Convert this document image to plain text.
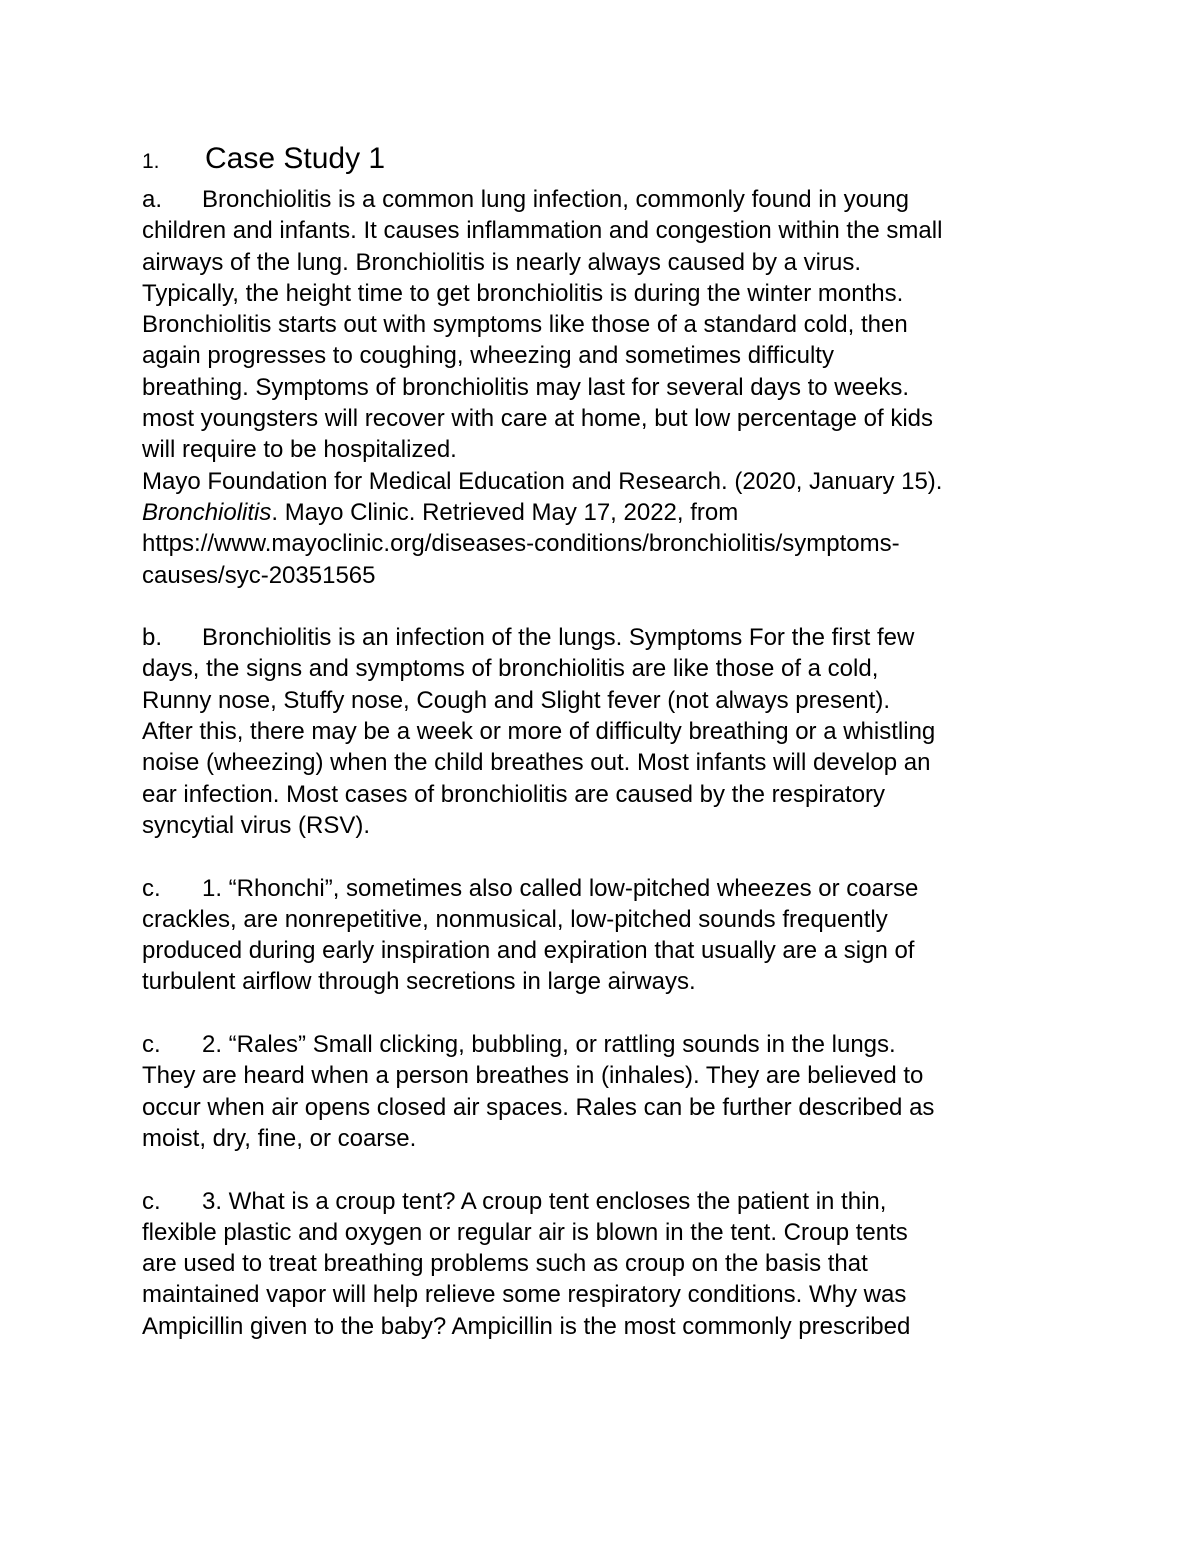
1.	Case Study 1
a. Bronchiolitis is a common lung infection, commonly found in young
children and infants. It causes inflammation and congestion within the small
airways of the lung. Bronchiolitis is nearly always caused by a virus.
Typically, the height time to get bronchiolitis is during the winter months.
Bronchiolitis starts out with symptoms like those of a standard cold, then
again progresses to coughing, wheezing and sometimes difficulty
breathing. Symptoms of bronchiolitis may last for several days to weeks.
most youngsters will recover with care at home, but low percentage of kids
will require to be hospitalized.
Mayo Foundation for Medical Education and Research. (2020, January 15).
Bronchiolitis. Mayo Clinic. Retrieved May 17, 2022, from
https://www.mayoclinic.org/diseases-conditions/bronchiolitis/symptoms-
causes/syc-20351565
b. Bronchiolitis is an infection of the lungs. Symptoms For the first few
days, the signs and symptoms of bronchiolitis are like those of a cold,
Runny nose, Stuffy nose, Cough and Slight fever (not always present).
After this, there may be a week or more of difficulty breathing or a whistling
noise (wheezing) when the child breathes out. Most infants will develop an
ear infection. Most cases of bronchiolitis are caused by the respiratory
syncytial virus (RSV).
c. 1. “Rhonchi”, sometimes also called low-pitched wheezes or coarse
crackles, are nonrepetitive, nonmusical, low-pitched sounds frequently
produced during early inspiration and expiration that usually are a sign of
turbulent airflow through secretions in large airways.
c. 2. “Rales” Small clicking, bubbling, or rattling sounds in the lungs.
They are heard when a person breathes in (inhales). They are believed to
occur when air opens closed air spaces. Rales can be further described as
moist, dry, fine, or coarse.
c. 3. What is a croup tent? A croup tent encloses the patient in thin,
flexible plastic and oxygen or regular air is blown in the tent. Croup tents
are used to treat breathing problems such as croup on the basis that
maintained vapor will help relieve some respiratory conditions. Why was
Ampicillin given to the baby? Ampicillin is the most commonly prescribed
